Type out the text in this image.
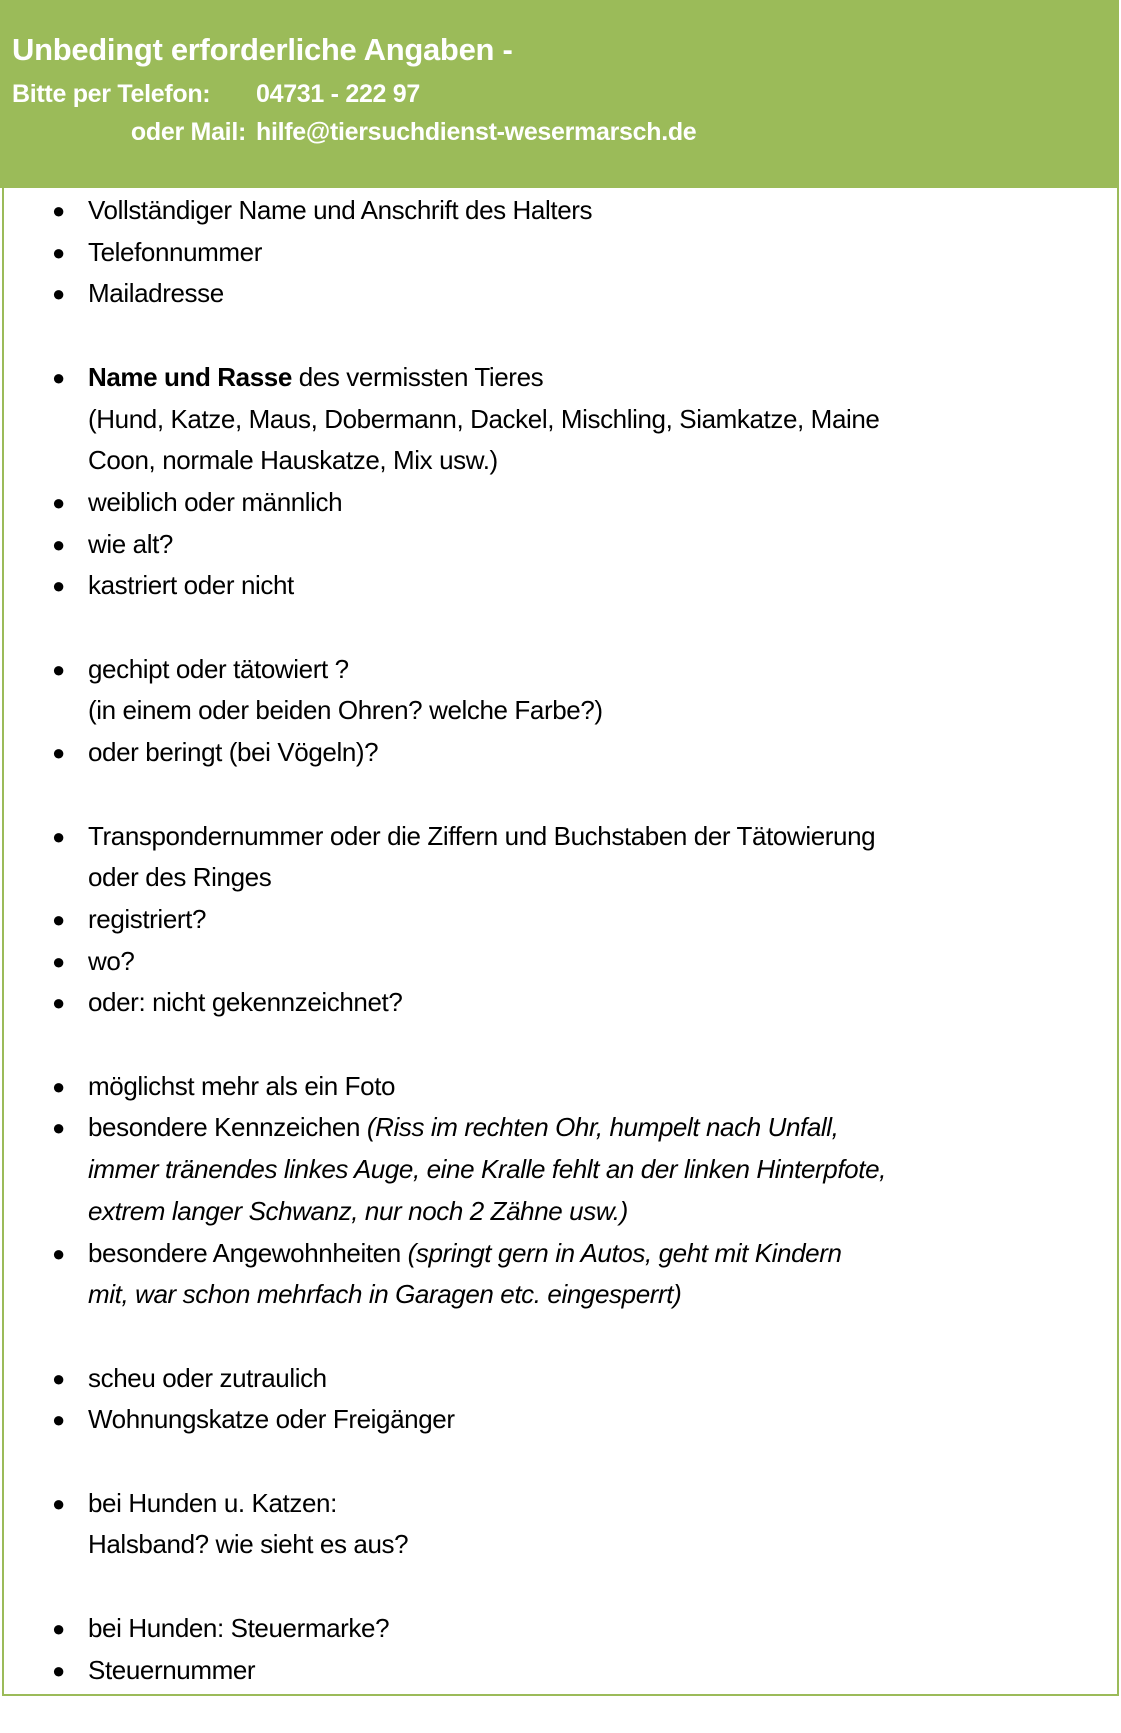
Unbedingt erforderliche Angaben -
Bitte per Telefon: 04731 - 222 97
oder Mail: hilfe@tiersuchdienst-wesermarsch.de
● Vollständiger Name und Anschrift des Halters
● Telefonnummer
● Mailadresse
● Name und Rasse des vermissten Tieres
(Hund, Katze, Maus, Dobermann, Dackel, Mischling, Siamkatze, Maine
Coon, normale Hauskatze, Mix usw.)
● weiblich oder männlich
● wie alt?
● kastriert oder nicht
● gechipt oder tätowiert ?
(in einem oder beiden Ohren? welche Farbe?)
● oder beringt (bei Vögeln)?
● Transpondernummer oder die Ziffern und Buchstaben der Tätowierung
oder des Ringes
● registriert?
● wo?
● oder: nicht gekennzeichnet?
● möglichst mehr als ein Foto
● besondere Kennzeichen (Riss im rechten Ohr, humpelt nach Unfall,
immer tränendes linkes Auge, eine Kralle fehlt an der linken Hinterpfote,
extrem langer Schwanz, nur noch 2 Zähne usw.)
● besondere Angewohnheiten (springt gern in Autos, geht mit Kindern
mit, war schon mehrfach in Garagen etc. eingesperrt)
● scheu oder zutraulich
● Wohnungskatze oder Freigänger
● bei Hunden u. Katzen:
Halsband? wie sieht es aus?
● bei Hunden: Steuermarke?
● Steuernummer
